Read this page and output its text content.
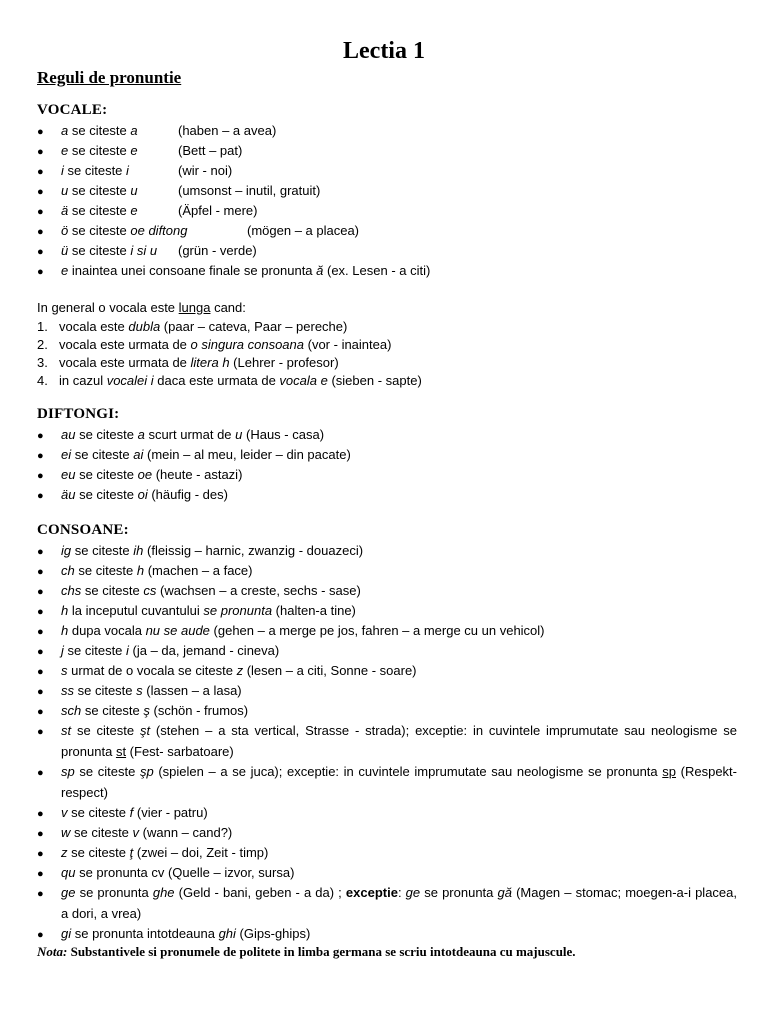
Lectia 1
Reguli de pronuntie
VOCALE:
● a se citeste a	(haben – a avea)
● e se citeste e	(Bett – pat)
● i se citeste i	(wir - noi)
● u se citeste u	(umsonst – inutil, gratuit)
● ä se citeste e	(Äpfel - mere)
● ö se citeste oe diftong	(mögen – a placea)
● ü se citeste i si u (grün - verde)
● e inaintea unei consoane finale se pronunta ă (ex. Lesen - a citi)
In general o vocala este lunga cand:
1. vocala este dubla (paar – cateva, Paar – pereche)
2. vocala este urmata de o singura consoana (vor - inaintea)
3. vocala este urmata de litera h (Lehrer - profesor)
4. in cazul vocalei i daca este urmata de vocala e (sieben - sapte)
DIFTONGI:
● au se citeste a scurt urmat de u (Haus - casa)
● ei se citeste ai (mein – al meu, leider – din pacate)
● eu se citeste oe (heute - astazi)
● äu se citeste oi (häufig - des)
CONSOANE:
● ig se citeste ih (fleissig – harnic, zwanzig - douazeci)
● ch se citeste h (machen – a face)
● chs se citeste cs (wachsen – a creste, sechs - sase)
● h la inceputul cuvantului se pronunta (halten-a tine)
● h dupa vocala nu se aude (gehen – a merge pe jos, fahren – a merge cu un vehicol)
● j se citeste i (ja – da, jemand - cineva)
● s urmat de o vocala se citeste z (lesen – a citi, Sonne - soare)
● ss se citeste s (lassen – a lasa)
● sch se citeste ş (schön - frumos)
● st se citeste şt (stehen – a sta vertical, Strasse - strada); exceptie: in cuvintele imprumutate sau neologisme se pronunta st (Fest- sarbatoare)
● sp se citeste şp (spielen – a se juca); exceptie: in cuvintele imprumutate sau neologisme se pronunta sp (Respekt-respect)
● v se citeste f (vier - patru)
● w se citeste v (wann – cand?)
● z se citeste ţ (zwei – doi, Zeit - timp)
● qu se pronunta cv (Quelle – izvor, sursa)
● ge se pronunta ghe (Geld - bani, geben - a da) ; exceptie: ge se pronunta gă (Magen – stomac; moegen-a-i placea, a dori, a vrea)
● gi se pronunta intotdeauna ghi (Gips-ghips)
Nota: Substantivele si pronumele de politete in limba germana se scriu intotdeauna cu majuscule.
